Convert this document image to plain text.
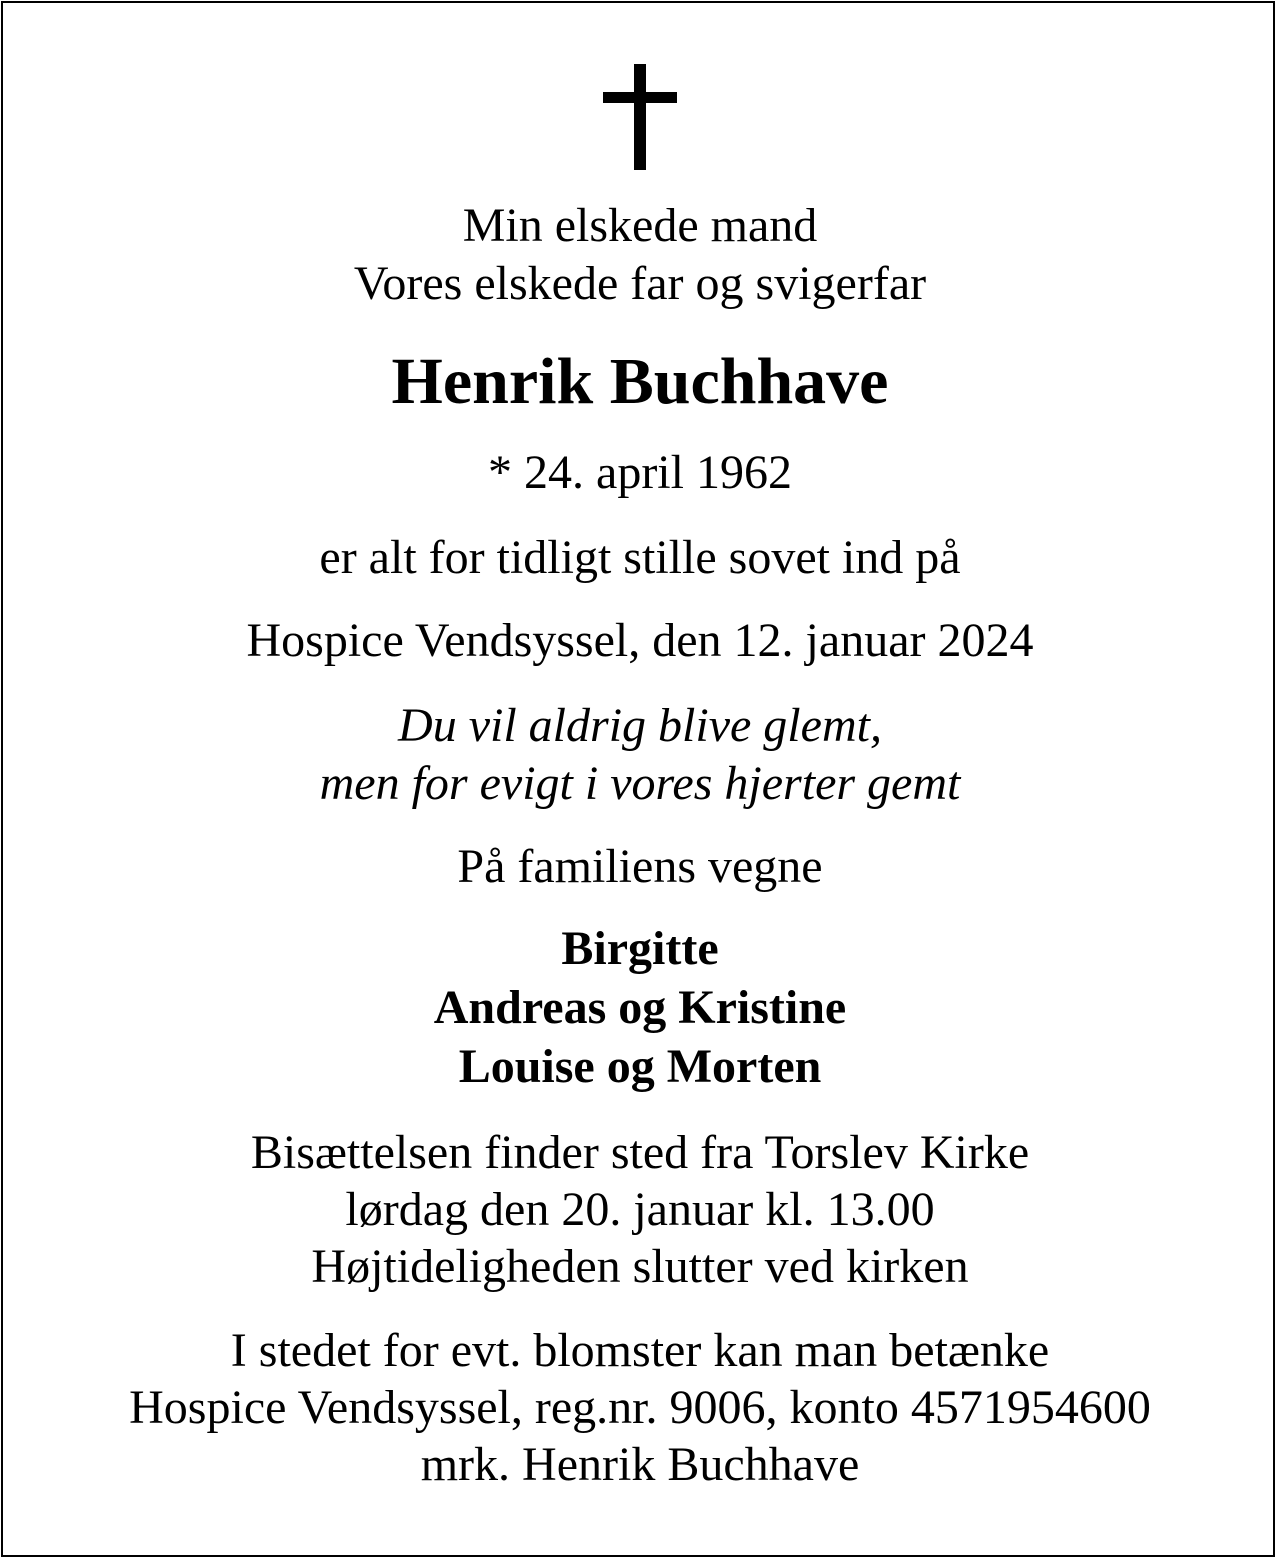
Min elskede mand
Vores elskede far og svigerfar
Henrik Buchhave
* 24. april 1962
er alt for tidligt stille sovet ind på
Hospice Vendsyssel, den 12. januar 2024
Du vil aldrig blive glemt,
men for evigt i vores hjerter gemt
På familiens vegne
Birgitte
Andreas og Kristine
Louise og Morten
Bisættelsen finder sted fra Torslev Kirke
lørdag den 20. januar kl. 13.00
Højtideligheden slutter ved kirken
I stedet for evt. blomster kan man betænke
Hospice Vendsyssel, reg.nr. 9006, konto 4571954600
mrk. Henrik Buchhave
